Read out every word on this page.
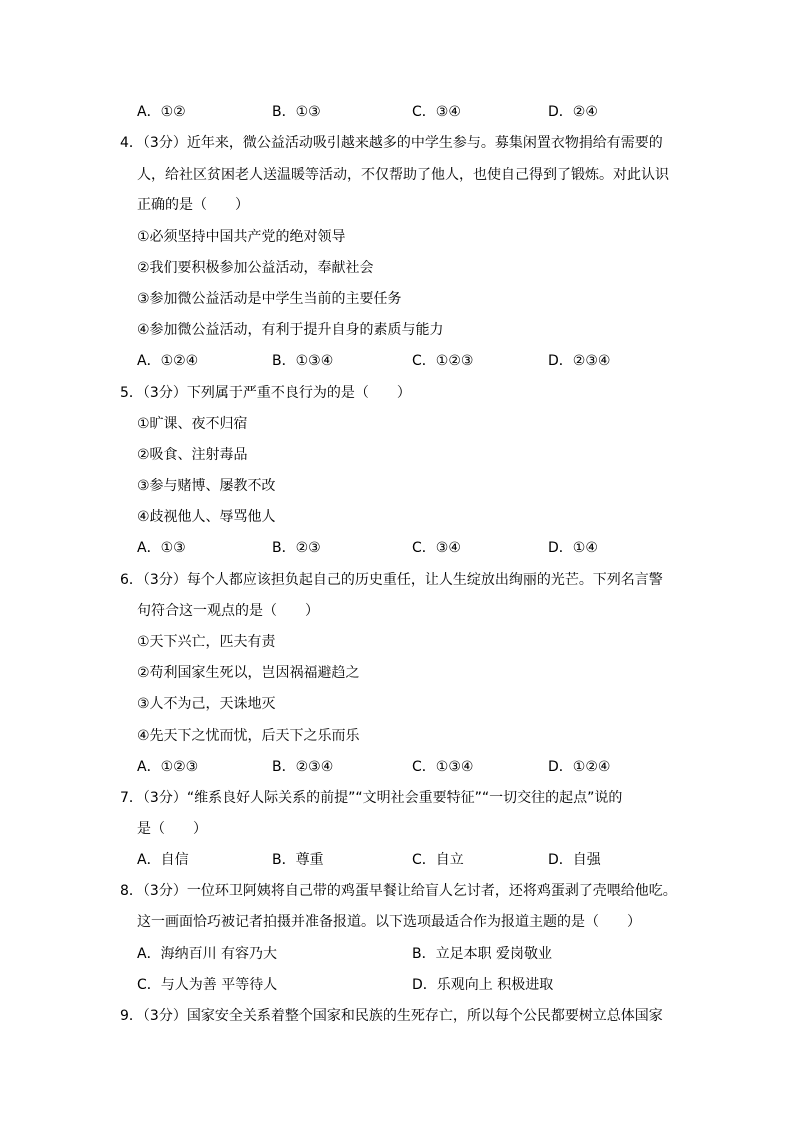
A．①②	B．①③	C．③④	D．②④
4．（3分）近年来，微公益活动吸引越来越多的中学生参与。募集闲置衣物捐给有需要的
人，给社区贫困老人送温暖等活动，不仅帮助了他人，也使自己得到了锻炼。对此认识
正确的是（　　）
①必须坚持中国共产党的绝对领导
②我们要积极参加公益活动，奉献社会
③参加微公益活动是中学生当前的主要任务
④参加微公益活动，有利于提升自身的素质与能力
A．①②④	B．①③④	C．①②③	D．②③④
5．（3分）下列属于严重不良行为的是（　　）
①旷课、夜不归宿
②吸食、注射毒品
③参与赌博、屡教不改
④歧视他人、辱骂他人
A．①③	B．②③	C．③④	D．①④
6．（3分）每个人都应该担负起自己的历史重任，让人生绽放出绚丽的光芒。下列名言警
句符合这一观点的是（　　）
①天下兴亡，匹夫有责
②苟利国家生死以，岂因祸福避趋之
③人不为己，天诛地灭
④先天下之忧而忧，后天下之乐而乐
A．①②③	B．②③④	C．①③④	D．①②④
7．（3分）“维系良好人际关系的前提”“文明社会重要特征”“一切交往的起点”说的
是（　　）
A．自信	B．尊重	C．自立	D．自强
8．（3分）一位环卫阿姨将自己带的鸡蛋早餐让给盲人乞讨者，还将鸡蛋剥了壳喂给他吃。
这一画面恰巧被记者拍摄并准备报道。以下选项最适合作为报道主题的是（　　）
A．海纳百川 有容乃大	B．立足本职 爱岗敬业
C．与人为善 平等待人	D．乐观向上 积极进取
9．（3分）国家安全关系着整个国家和民族的生死存亡，所以每个公民都要树立总体国家
